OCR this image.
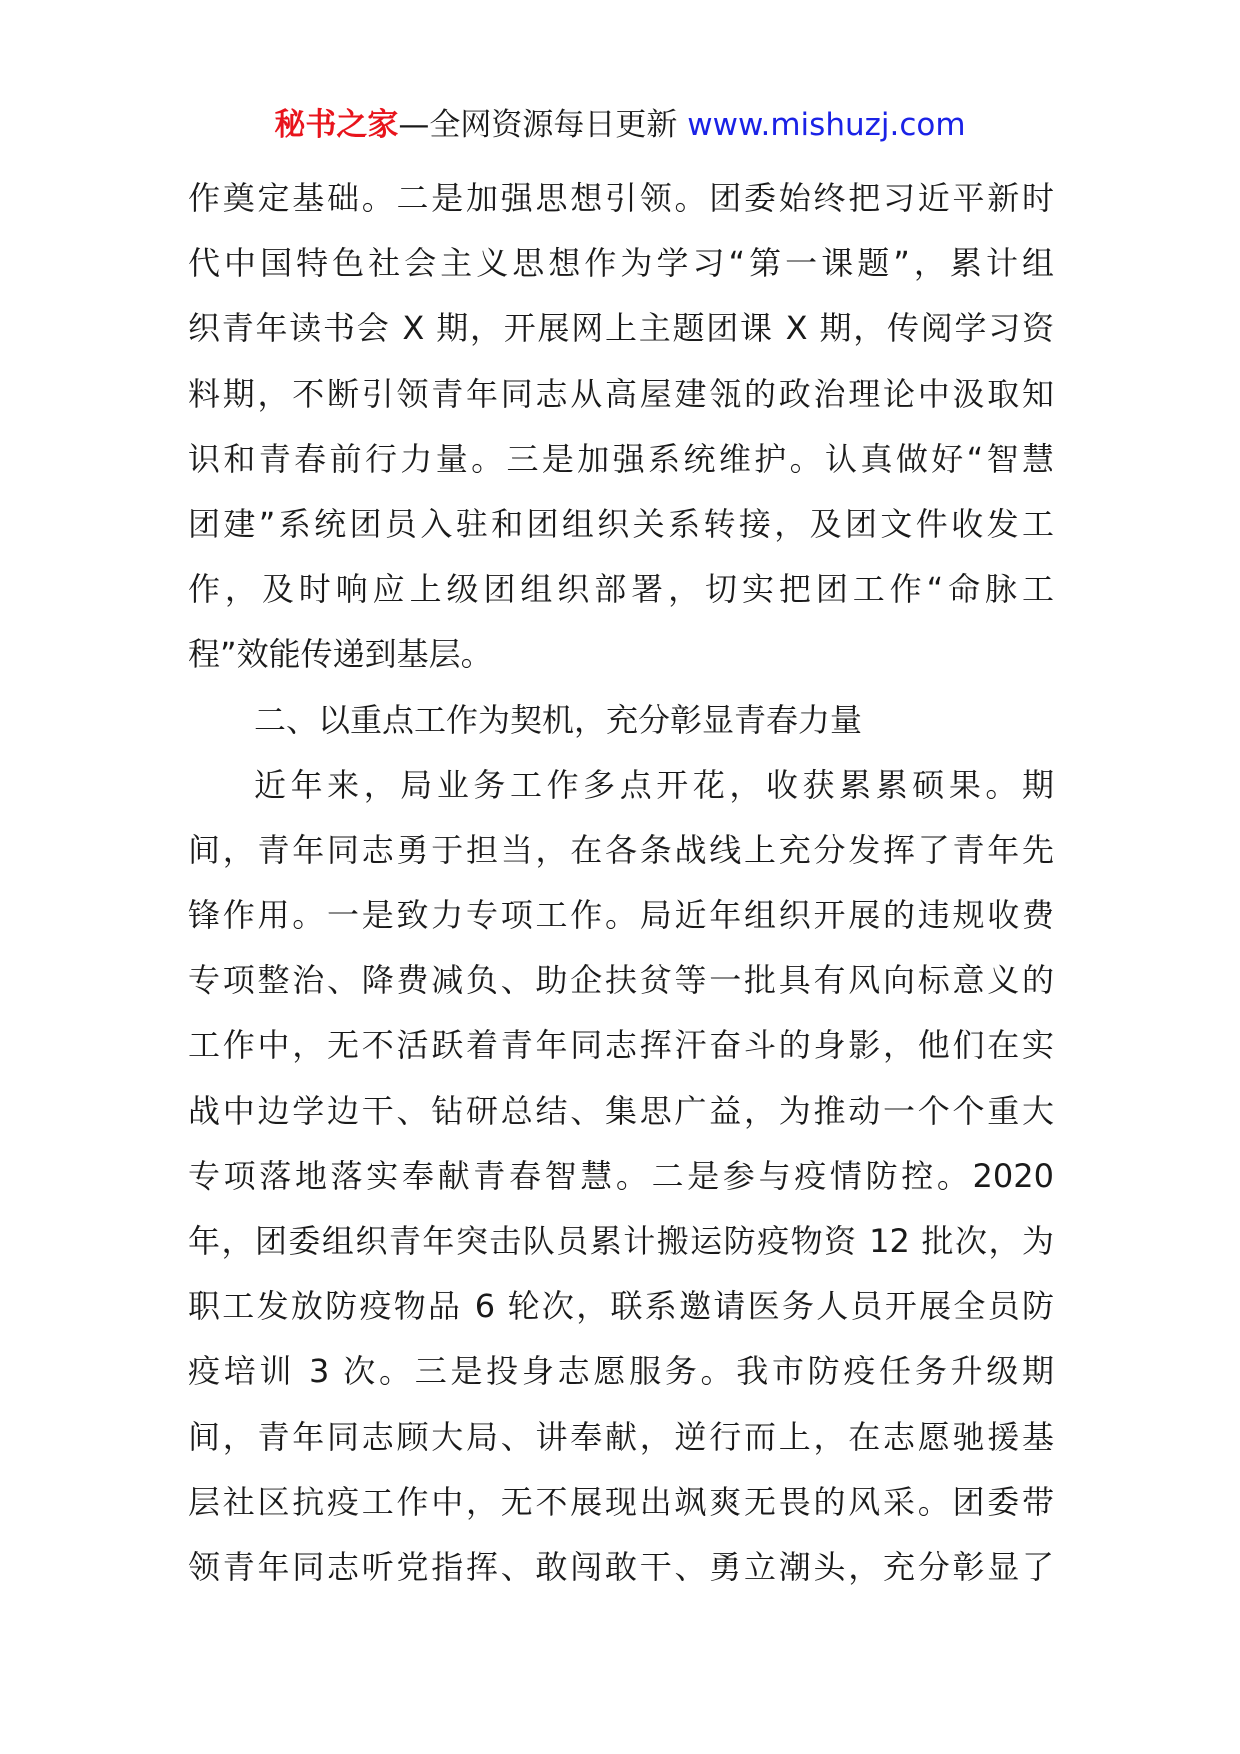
秘书之家—全网资源每日更新 www.mishuzj.com
作奠定基础。二是加强思想引领。团委始终把习近平新时
代中国特色社会主义思想作为学习“第一课题”，累计组
织青年读书会 X 期，开展网上主题团课 X 期，传阅学习资
料期，不断引领青年同志从高屋建瓴的政治理论中汲取知
识和青春前行力量。三是加强系统维护。认真做好“智慧
团建”系统团员入驻和团组织关系转接，及团文件收发工
作，及时响应上级团组织部署，切实把团工作“命脉工
程”效能传递到基层。
二、以重点工作为契机，充分彰显青春力量
近年来，局业务工作多点开花，收获累累硕果。期
间，青年同志勇于担当，在各条战线上充分发挥了青年先
锋作用。一是致力专项工作。局近年组织开展的违规收费
专项整治、降费减负、助企扶贫等一批具有风向标意义的
工作中，无不活跃着青年同志挥汗奋斗的身影，他们在实
战中边学边干、钻研总结、集思广益，为推动一个个重大
专项落地落实奉献青春智慧。二是参与疫情防控。2020
年，团委组织青年突击队员累计搬运防疫物资 12 批次，为
职工发放防疫物品 6 轮次，联系邀请医务人员开展全员防
疫培训 3 次。三是投身志愿服务。我市防疫任务升级期
间，青年同志顾大局、讲奉献，逆行而上，在志愿驰援基
层社区抗疫工作中，无不展现出飒爽无畏的风采。团委带
领青年同志听党指挥、敢闯敢干、勇立潮头，充分彰显了
